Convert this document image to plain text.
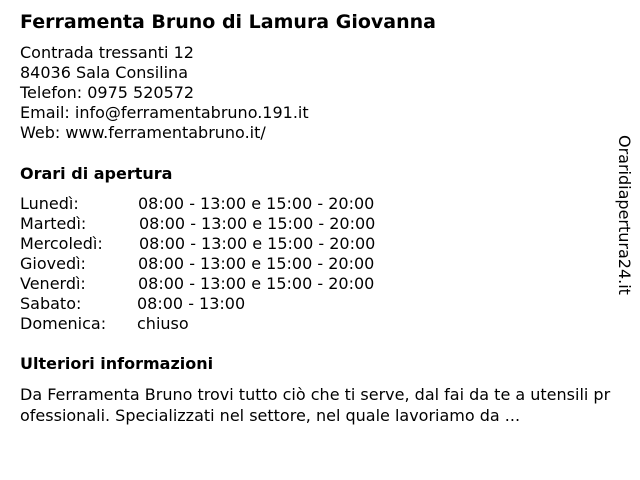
Ferramenta Bruno di Lamura Giovanna
Contrada tressanti 12
84036 Sala Consilina
Telefon: 0975 520572
Email: info@ferramentabruno.191.it
Web: www.ferramentabruno.it/
Orari di apertura
Lunedì:	08:00 - 13:00 e 15:00 - 20:00
Martedì:	08:00 - 13:00 e 15:00 - 20:00
Mercoledì: 08:00 - 13:00 e 15:00 - 20:00
Giovedì:	08:00 - 13:00 e 15:00 - 20:00
Venerdì:	08:00 - 13:00 e 15:00 - 20:00
Sabato:	08:00 - 13:00
Domenica: chiuso
Ulteriori informazioni
Da Ferramenta Bruno trovi tutto ciò che ti serve, dal fai da te a utensili professionali. Specializzati nel settore, nel quale lavoriamo da ...
Oraridiapertura24.it
